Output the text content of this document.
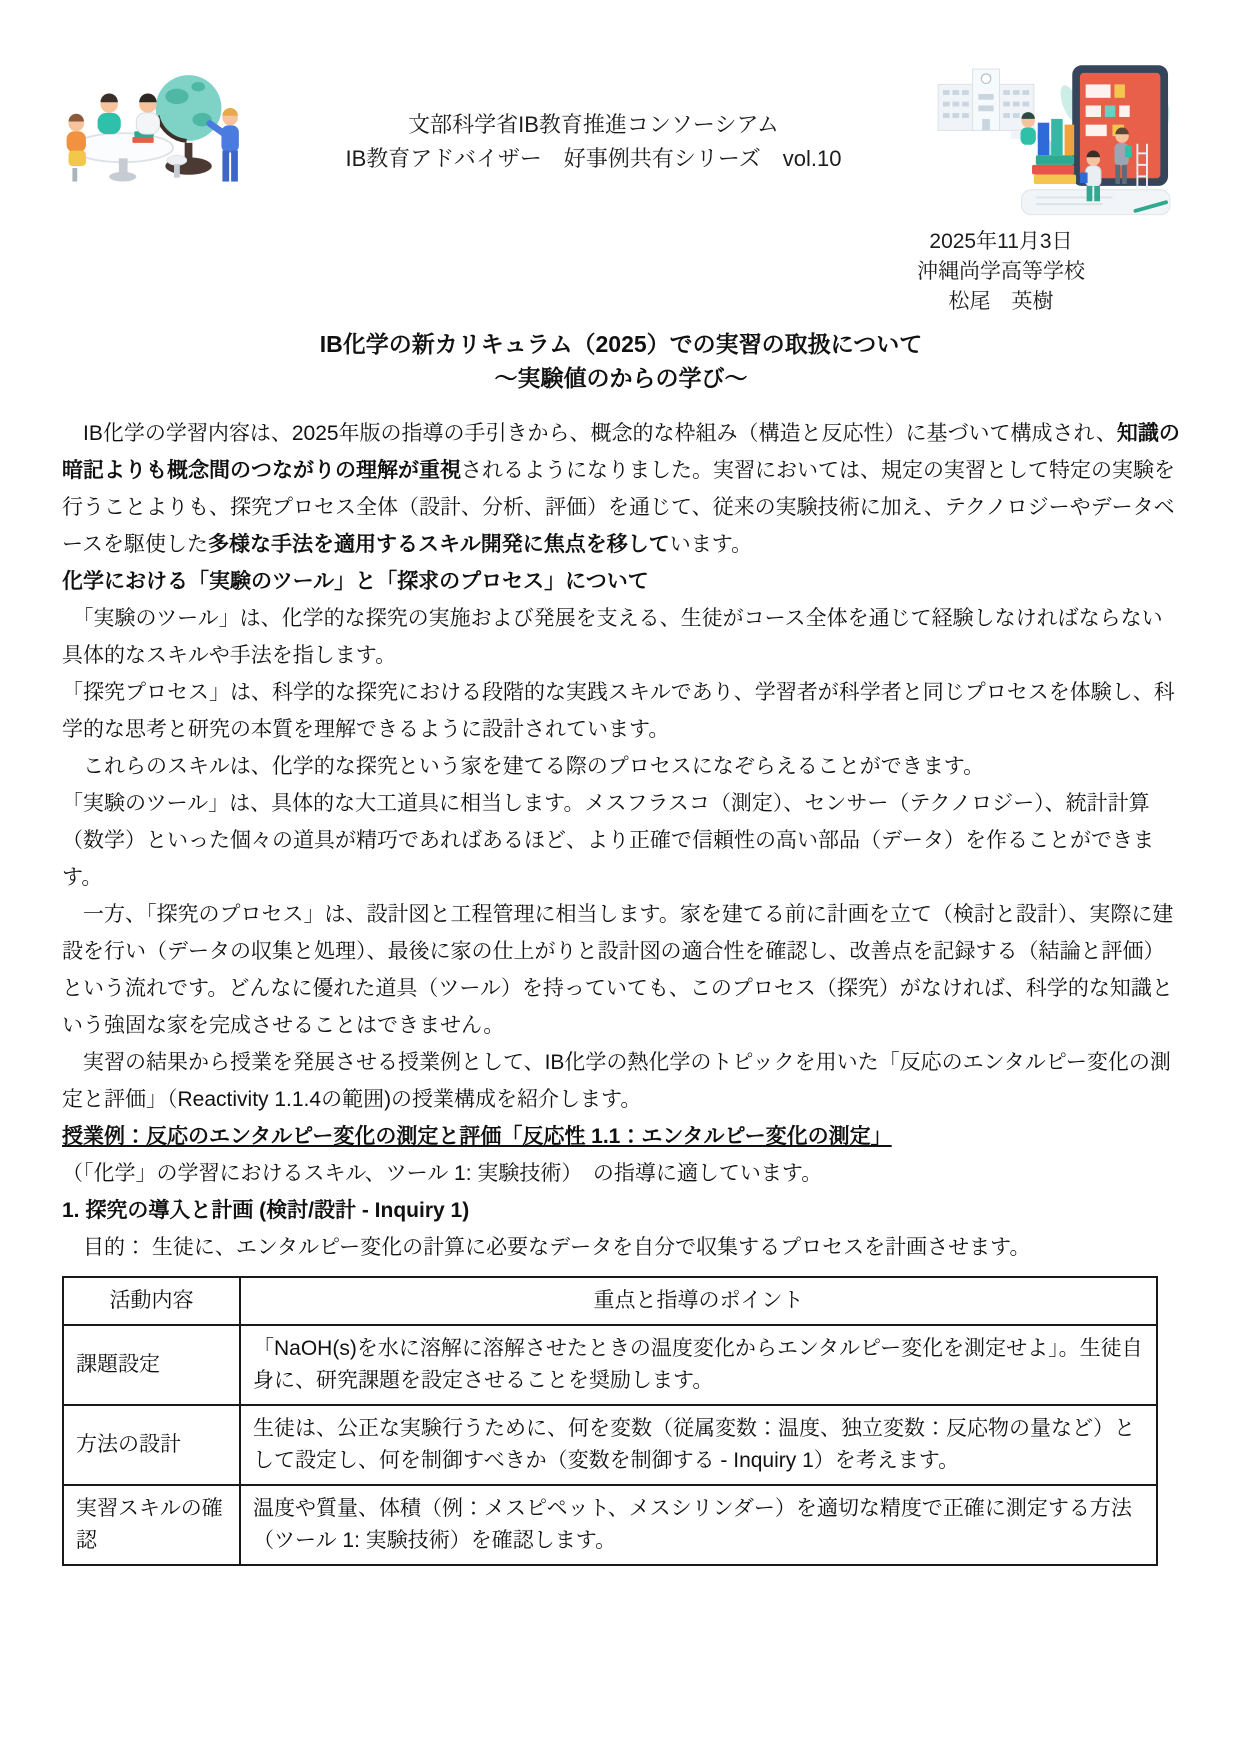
文部科学省IB教育推進コンソーシアム
IB教育アドバイザー　好事例共有シリーズ　vol.10
2025年11月3日
沖縄尚学高等学校
松尾　英樹
IB化学の新カリキュラム（2025）での実習の取扱について
～実験値のからの学び～

　IB化学の学習内容は、2025年版の指導の手引きから、概念的な枠組み（構造と反応性）に基づいて構成され、知識の暗記よりも概念間のつながりの理解が重視されるようになりました。実習においては、規定の実習として特定の実験を行うことよりも、探究プロセス全体（設計、分析、評価）を通じて、従来の実験技術に加え、テクノロジーやデータベースを駆使した多様な手法を適用するスキル開発に焦点を移しています。

化学における「実験のツール」と「探求のプロセス」について

　「実験のツール」は、化学的な探究の実施および発展を支える、生徒がコース全体を通じて経験しなければならない具体的なスキルや手法を指します。

「探究プロセス」は、科学的な探究における段階的な実践スキルであり、学習者が科学者と同じプロセスを体験し、科学的な思考と研究の本質を理解できるように設計されています。

　これらのスキルは、化学的な探究という家を建てる際のプロセスになぞらえることができます。

「実験のツール」は、具体的な大工道具に相当します。メスフラスコ（測定）、センサー（テクノロジー）、統計計算（数学）といった個々の道具が精巧であればあるほど、より正確で信頼性の高い部品（データ）を作ることができます。

　一方、「探究のプロセス」は、設計図と工程管理に相当します。家を建てる前に計画を立て（検討と設計）、実際に建設を行い（データの収集と処理）、最後に家の仕上がりと設計図の適合性を確認し、改善点を記録する（結論と評価）という流れです。どんなに優れた道具（ツール）を持っていても、このプロセス（探究）がなければ、科学的な知識という強固な家を完成させることはできません。

　実習の結果から授業を発展させる授業例として、IB化学の熱化学のトピックを用いた「反応のエンタルピー変化の測定と評価」（Reactivity 1.1.4の範囲)の授業構成を紹介します。

授業例：反応のエンタルピー変化の測定と評価「反応性 1.1：エンタルピー変化の測定」

（「化学」の学習におけるスキル、ツール 1: 実験技術）　の指導に適しています。

1. 探究の導入と計画 (検討/設計 - Inquiry 1)

　目的： 生徒に、エンタルピー変化の計算に必要なデータを自分で収集するプロセスを計画させます。

活動内容	重点と指導のポイント
課題設定	「NaOH(s)を水に溶解に溶解させたときの温度変化からエンタルピー変化を測定せよ」。生徒自身に、研究課題を設定させることを奨励します。
方法の設計	生徒は、公正な実験行うために、何を変数（従属変数：温度、独立変数：反応物の量など）として設定し、何を制御すべきか（変数を制御する - Inquiry 1）を考えます。
実習スキルの確認	温度や質量、体積（例：メスピペット、メスシリンダー）を適切な精度で正確に測定する方法（ツール 1: 実験技術）を確認します。
